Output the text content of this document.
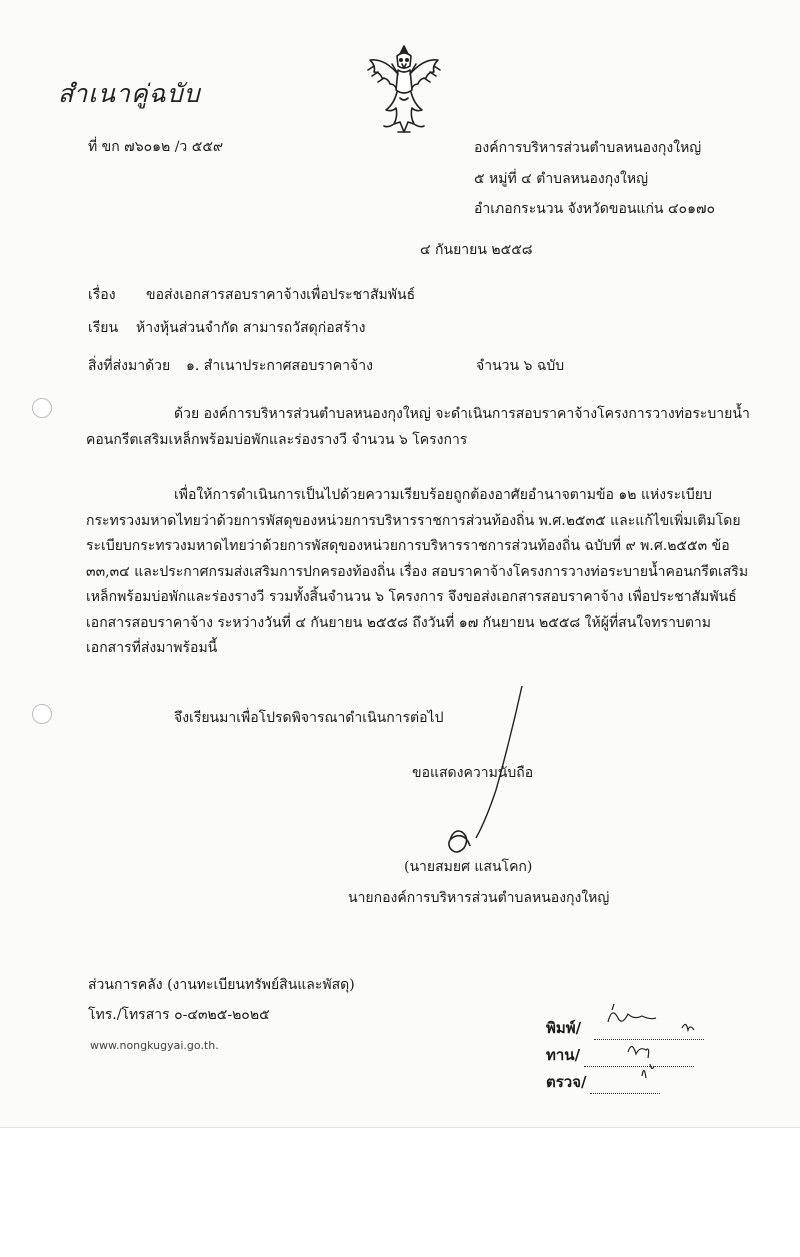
สำเนาคู่ฉบับ
ที่ ขก ๗๖๐๑๒ /ว ๕๕๙	องค์การบริหารส่วนตำบลหนองกุงใหญ่
๕ หมู่ที่ ๔ ตำบลหนองกุงใหญ่
อำเภอกระนวน จังหวัดขอนแก่น ๔๐๑๗๐
๔ กันยายน ๒๕๕๘
เรื่อง ขอส่งเอกสารสอบราคาจ้างเพื่อประชาสัมพันธ์
เรียน ห้างหุ้นส่วนจำกัด สามารถวัสดุก่อสร้าง
สิ่งที่ส่งมาด้วย ๑. สำเนาประกาศสอบราคาจ้าง	จำนวน ๖ ฉบับ
ด้วย องค์การบริหารส่วนตำบลหนองกุงใหญ่ จะดำเนินการสอบราคาจ้างโครงการวางท่อระบายน้ำ
คอนกรีตเสริมเหล็กพร้อมบ่อพักและร่องรางวี จำนวน ๖ โครงการ
เพื่อให้การดำเนินการเป็นไปด้วยความเรียบร้อยถูกต้องอาศัยอำนาจตามข้อ ๑๒ แห่งระเบียบ
กระทรวงมหาดไทยว่าด้วยการพัสดุของหน่วยการบริหารราชการส่วนท้องถิ่น พ.ศ.๒๕๓๕ และแก้ไขเพิ่มเติมโดย
ระเบียบกระทรวงมหาดไทยว่าด้วยการพัสดุของหน่วยการบริหารราชการส่วนท้องถิ่น ฉบับที่ ๙ พ.ศ.๒๕๕๓ ข้อ
๓๓,๓๔ และประกาศกรมส่งเสริมการปกครองท้องถิ่น เรื่อง สอบราคาจ้างโครงการวางท่อระบายน้ำคอนกรีตเสริม
เหล็กพร้อมบ่อพักและร่องรางวี รวมทั้งสิ้นจำนวน ๖ โครงการ จึงขอส่งเอกสารสอบราคาจ้าง เพื่อประชาสัมพันธ์
เอกสารสอบราคาจ้าง ระหว่างวันที่ ๔ กันยายน ๒๕๕๘ ถึงวันที่ ๑๗ กันยายน ๒๕๕๘ ให้ผู้ที่สนใจทราบตาม
เอกสารที่ส่งมาพร้อมนี้
จึงเรียนมาเพื่อโปรดพิจารณาดำเนินการต่อไป
ขอแสดงความนับถือ
(นายสมยศ แสนโคก)
นายกองค์การบริหารส่วนตำบลหนองกุงใหญ่
ส่วนการคลัง (งานทะเบียนทรัพย์สินและพัสดุ)
โทร./โทรสาร ๐-๔๓๒๕-๒๐๒๕
www.nongkugyai.go.th.
พิมพ์/
ทาน/
ตรวจ/
